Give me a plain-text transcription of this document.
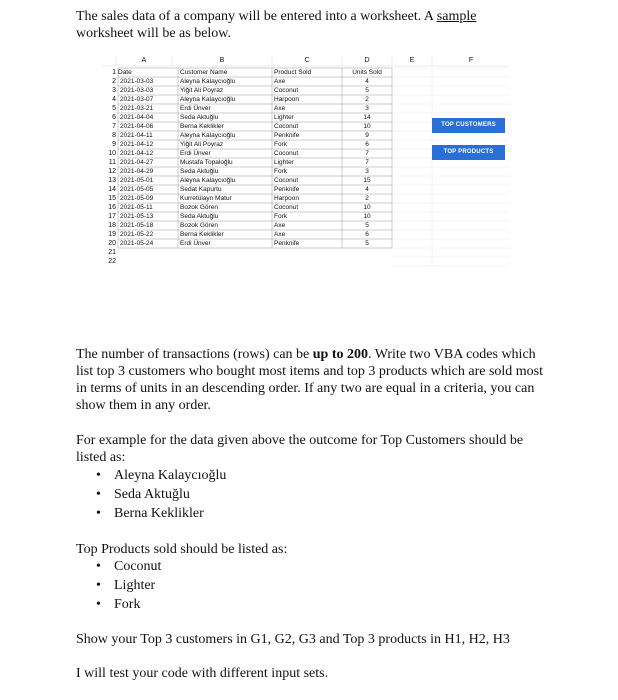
The sales data of a company will be entered into a worksheet. A sample
worksheet will be as below.

A	B	C	D	E	F
1 Date	Customer Name	Product Sold	Units Sold
2 2021-03-03	Aleyna Kalaycıoğlu	Axe	4
3 2021-03-03	Yiğit Ali Poyraz	Coconut	5
4 2021-03-07	Aleyna Kalaycıoğlu	Harpoon	2
5 2021-03-21	Erdi Ünver	Axe	3
6 2021-04-04	Seda Aktuğlu	Lighter	14
7 2021-04-06	Berna Keklikler	Coconut	10
8 2021-04-11	Aleyna Kalaycıoğlu	Penknife	9
9 2021-04-12	Yiğit Ali Poyraz	Fork	6
10 2021-04-12	Erdi Ünver	Coconut	7
11 2021-04-27	Mustafa Topaloğlu	Lighter	7
12 2021-04-29	Seda Aktuğlu	Fork	3
13 2021-05-01	Aleyna Kalaycıoğlu	Coconut	15
14 2021-05-05	Sedat Kapurtu	Penknife	4
15 2021-05-09	Kurretülayn Matur	Harpoon	2
16 2021-05-11	Bozok Gören	Coconut	10
17 2021-05-13	Seda Aktuğlu	Fork	10
18 2021-05-18	Bozok Gören	Axe	5
19 2021-05-22	Berna Keklikler	Axe	6
20 2021-05-24	Erdi Ünver	Penknife	5
21
22
TOP CUSTOMERS
TOP PRODUCTS

The number of transactions (rows) can be up to 200. Write two VBA codes which list top 3 customers who bought most items and top 3 products which are sold most in terms of units in an descending order. If any two are equal in a criteria, you can show them in any order.

For example for the data given above the outcome for Top Customers should be listed as:

• Aleyna Kalaycıoğlu
• Seda Aktuğlu
• Berna Keklikler

Top Products sold should be listed as:

• Coconut
• Lighter
• Fork

Show your Top 3 customers in G1, G2, G3 and Top 3 products in H1, H2, H3

I will test your code with different input sets.
